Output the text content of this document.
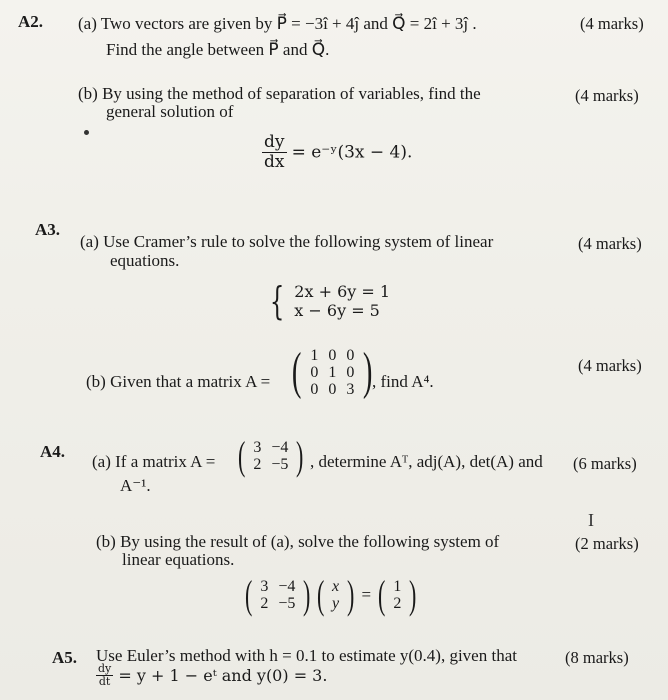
A2. (a) Two vectors are given by P⃗ = −3î + 4ĵ and Q⃗ = 2î + 3ĵ .	(4 marks)
Find the angle between P⃗ and Q⃗.
(b) By using the method of separation of variables, find the	(4 marks)
general solution of
$\frac{dy}{dx}$ = e⁻ʸ(3x − 4).
A3.
(a) Use Cramer’s rule to solve the following system of linear	(4 marks)
equations.
{ 2x + 6y = 1
x − 6y = 5
(b) Given that a matrix A = ( 1	0	0
0	1	0
0	0	3 ) , find A⁴.
(4 marks)
A4.
(a) If a matrix A = ( 3	−4
2	−5 ) , determine Aᵀ, adj(A), det(A) and (6 marks)
A⁻¹.
I
(b) By using the result of (a), solve the following system of	(2 marks)
linear equations.
( 3	−4
2	−5 ) ( x
y ) = ( 1
2 )
A5. Use Euler’s method with h = 0.1 to estimate y(0.4), given that	(8 marks)
$\frac{dy}{dt} = y + 1$ − eᵗ and y(0) = 3.
